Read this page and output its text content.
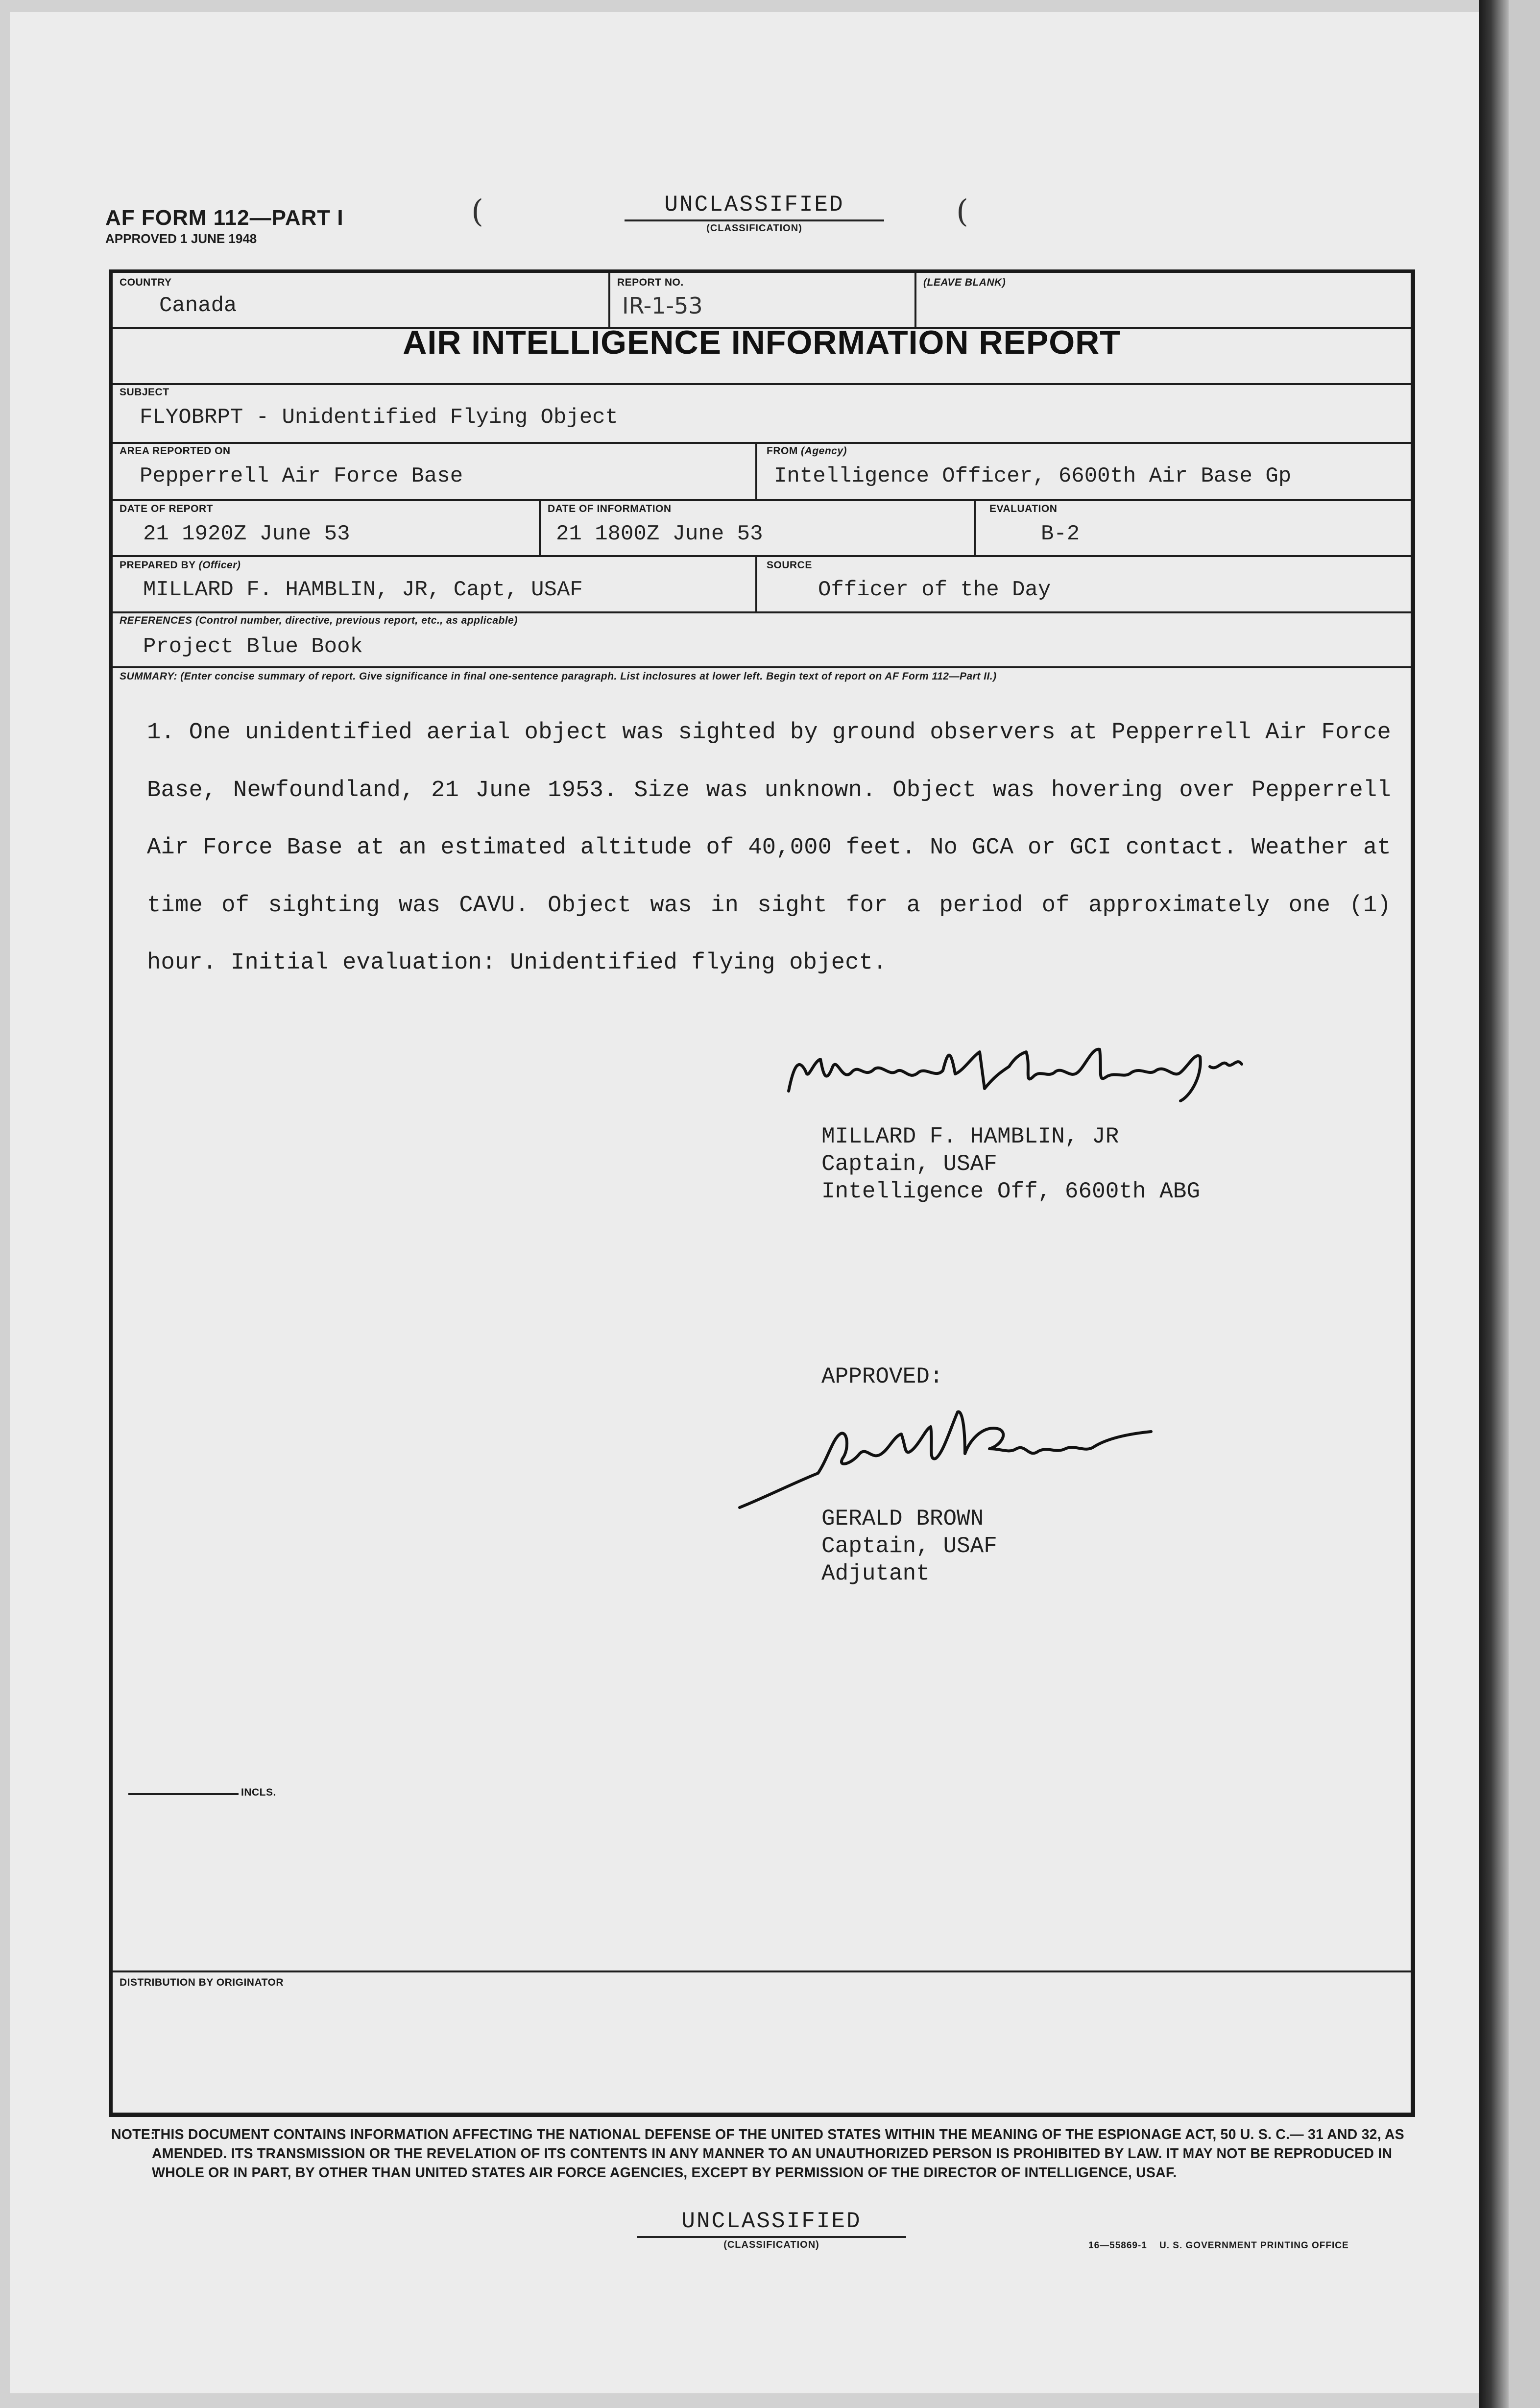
(	(
AF FORM 112—PART I
APPROVED 1 JUNE 1948
UNCLASSIFIED
(CLASSIFICATION)
COUNTRY
Canada
REPORT NO.
IR-1-53
(LEAVE BLANK)
AIR INTELLIGENCE INFORMATION REPORT
SUBJECT
FLYOBRPT - Unidentified Flying Object
AREA REPORTED ON
Pepperrell Air Force Base
FROM (Agency)
Intelligence Officer, 6600th Air Base Gp
DATE OF REPORT
21 1920Z June 53
DATE OF INFORMATION
21 1800Z June 53
EVALUATION
B-2
PREPARED BY (Officer)
MILLARD F. HAMBLIN, JR, Capt, USAF
SOURCE
Officer of the Day
REFERENCES (Control number, directive, previous report, etc., as applicable)
Project Blue Book
SUMMARY: (Enter concise summary of report. Give significance in final one-sentence paragraph. List inclosures at lower left. Begin text of report on AF Form 112—Part II.)
1. One unidentified aerial object was sighted by ground observers at Pepperrell Air Force Base, Newfoundland, 21 June 1953. Size was unknown. Object was hovering over Pepperrell Air Force Base at an estimated altitude of 40,000 feet. No GCA or GCI contact. Weather at time of sighting was CAVU. Object was in sight for a period of approximately one (1) hour. Initial evaluation: Unidentified flying object.
MILLARD F. HAMBLIN, JR
Captain, USAF
Intelligence Off, 6600th ABG
APPROVED:
GERALD BROWN
Captain, USAF
Adjutant
INCLS.
DISTRIBUTION BY ORIGINATOR
NOTE:
THIS DOCUMENT CONTAINS INFORMATION AFFECTING THE NATIONAL DEFENSE OF THE UNITED STATES WITHIN THE MEANING OF THE ESPIONAGE ACT, 50 U. S. C.— 31 AND 32, AS AMENDED. ITS TRANSMISSION OR THE REVELATION OF ITS CONTENTS IN ANY MANNER TO AN UNAUTHORIZED PERSON IS PROHIBITED BY LAW. IT MAY NOT BE REPRODUCED IN WHOLE OR IN PART, BY OTHER THAN UNITED STATES AIR FORCE AGENCIES, EXCEPT BY PERMISSION OF THE DIRECTOR OF INTELLIGENCE, USAF.
UNCLASSIFIED
(CLASSIFICATION)	16—55869-1 U. S. GOVERNMENT PRINTING OFFICE
